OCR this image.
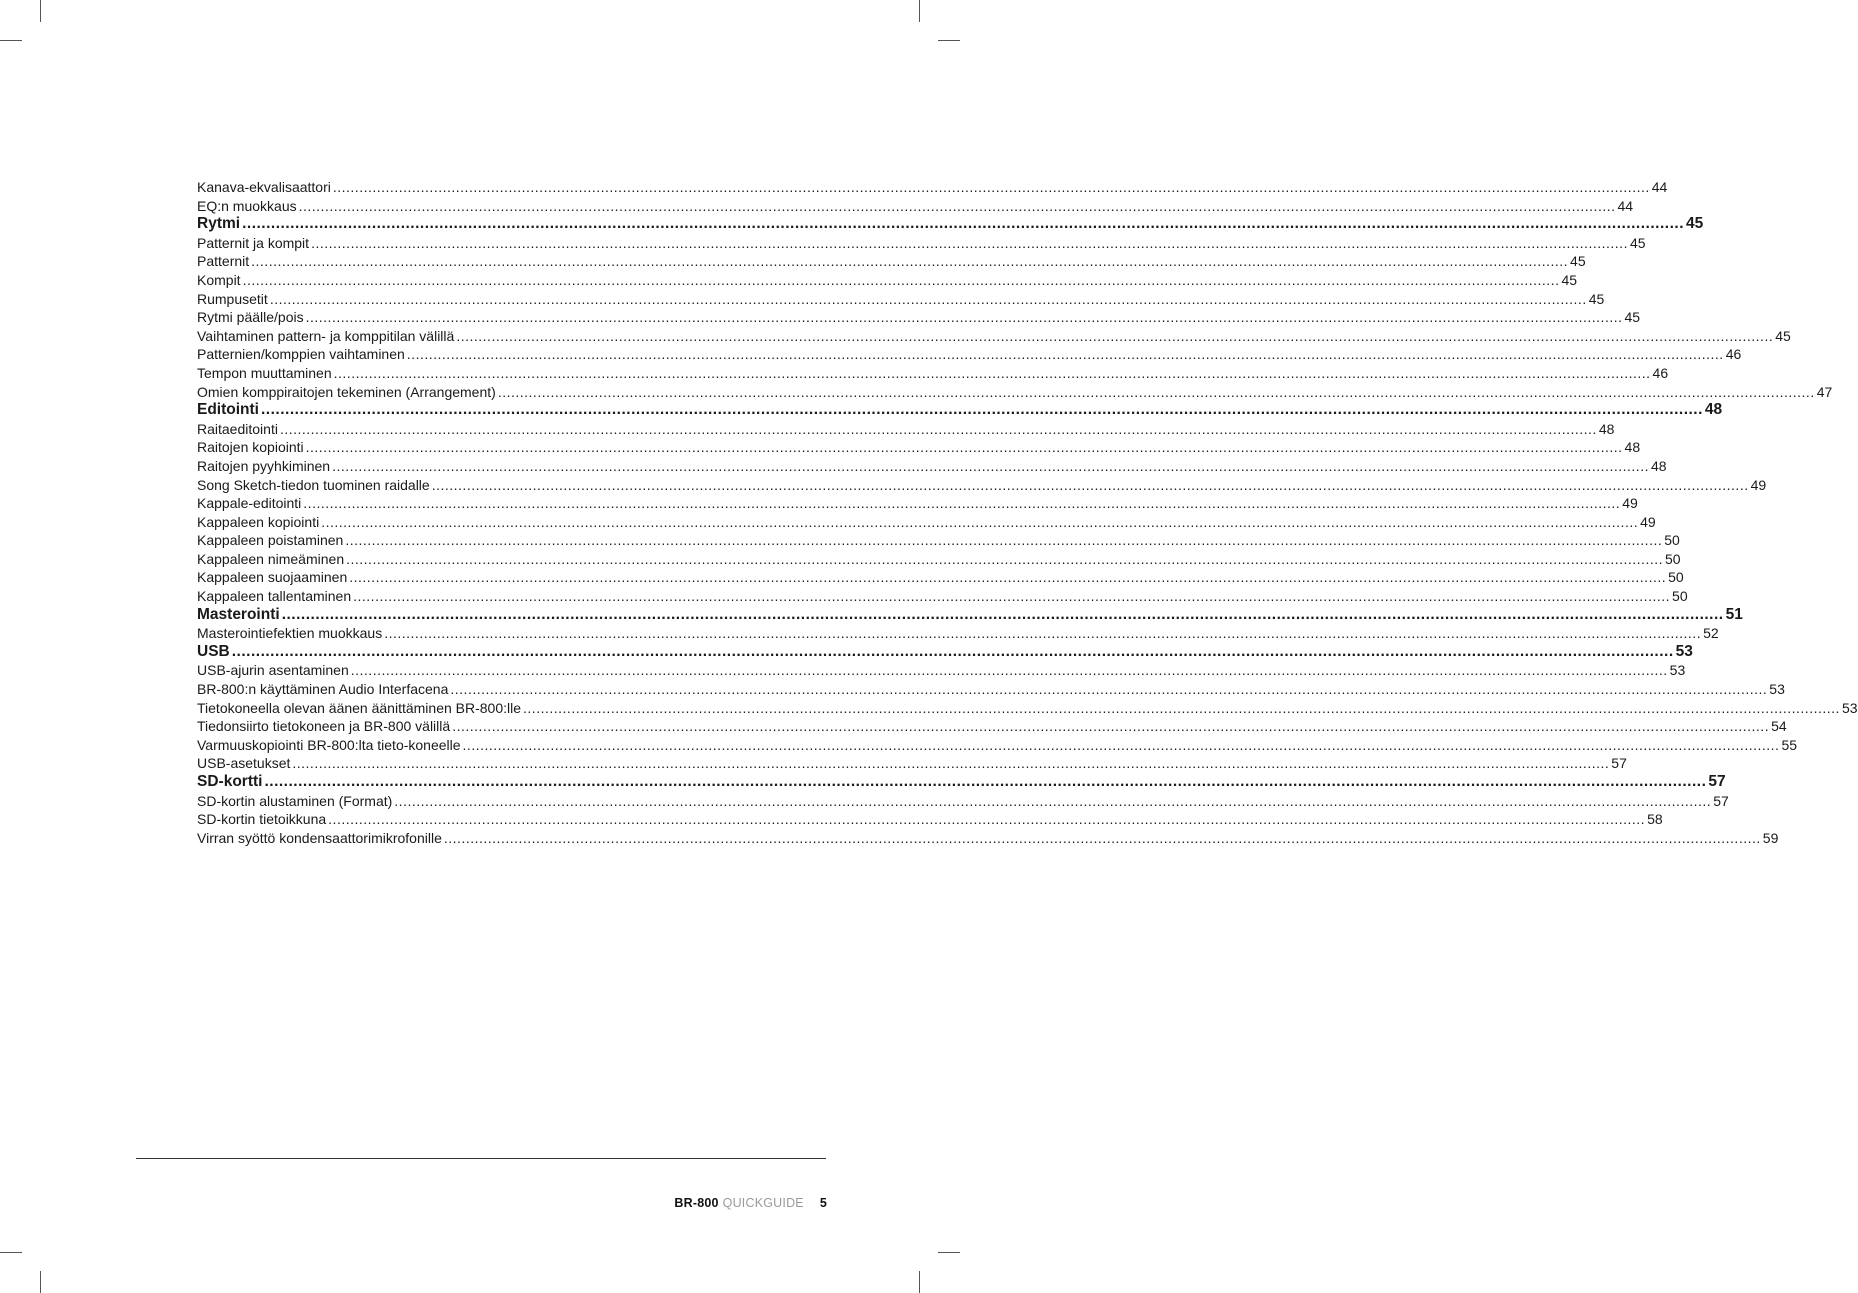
Kanava-ekvalisaattori ............................................................................................................................................................................................................................................................................................................ 44
EQ:n muokkaus ............................................................................................................................................................................................................................................................................................................ 44
Rytmi ............................................................................................................................................................................................................................................................................................................ 45
Patternit ja kompit ............................................................................................................................................................................................................................................................................................................ 45
Patternit ............................................................................................................................................................................................................................................................................................................ 45
Kompit ............................................................................................................................................................................................................................................................................................................ 45
Rumpusetit ............................................................................................................................................................................................................................................................................................................ 45
Rytmi päälle/pois ............................................................................................................................................................................................................................................................................................................ 45
Vaihtaminen pattern- ja komppitilan välillä ............................................................................................................................................................................................................................................................................................................ 45
Patternien/komppien vaihtaminen ............................................................................................................................................................................................................................................................................................................ 46
Tempon muuttaminen ............................................................................................................................................................................................................................................................................................................ 46
Omien komppiraitojen tekeminen (Arrangement) ............................................................................................................................................................................................................................................................................................................ 47
Editointi ............................................................................................................................................................................................................................................................................................................ 48
Raitaeditointi ............................................................................................................................................................................................................................................................................................................ 48
Raitojen kopiointi ............................................................................................................................................................................................................................................................................................................ 48
Raitojen pyyhkiminen ............................................................................................................................................................................................................................................................................................................ 48
Song Sketch-tiedon tuominen raidalle ............................................................................................................................................................................................................................................................................................................ 49
Kappale-editointi ............................................................................................................................................................................................................................................................................................................ 49
Kappaleen kopiointi ............................................................................................................................................................................................................................................................................................................ 49
Kappaleen poistaminen ............................................................................................................................................................................................................................................................................................................ 50
Kappaleen nimeäminen ............................................................................................................................................................................................................................................................................................................ 50
Kappaleen suojaaminen ............................................................................................................................................................................................................................................................................................................ 50
Kappaleen tallentaminen ............................................................................................................................................................................................................................................................................................................ 50
Masterointi ............................................................................................................................................................................................................................................................................................................ 51
Masterointiefektien muokkaus ............................................................................................................................................................................................................................................................................................................ 52
USB ............................................................................................................................................................................................................................................................................................................ 53
USB-ajurin asentaminen ............................................................................................................................................................................................................................................................................................................ 53
BR-800:n käyttäminen Audio Interfacena ............................................................................................................................................................................................................................................................................................................ 53
Tietokoneella olevan äänen äänittäminen BR-800:lle ............................................................................................................................................................................................................................................................................................................ 53
Tiedonsiirto tietokoneen ja BR-800 välillä ............................................................................................................................................................................................................................................................................................................ 54
Varmuuskopiointi BR-800:lta tieto-koneelle ............................................................................................................................................................................................................................................................................................................ 55
USB-asetukset ............................................................................................................................................................................................................................................................................................................ 57
SD-kortti ............................................................................................................................................................................................................................................................................................................ 57
SD-kortin alustaminen (Format) ............................................................................................................................................................................................................................................................................................................ 57
SD-kortin tietoikkuna ............................................................................................................................................................................................................................................................................................................ 58
Virran syöttö kondensaattorimikrofonille ............................................................................................................................................................................................................................................................................................................ 59
BR-800 QUICKGUIDE 5
